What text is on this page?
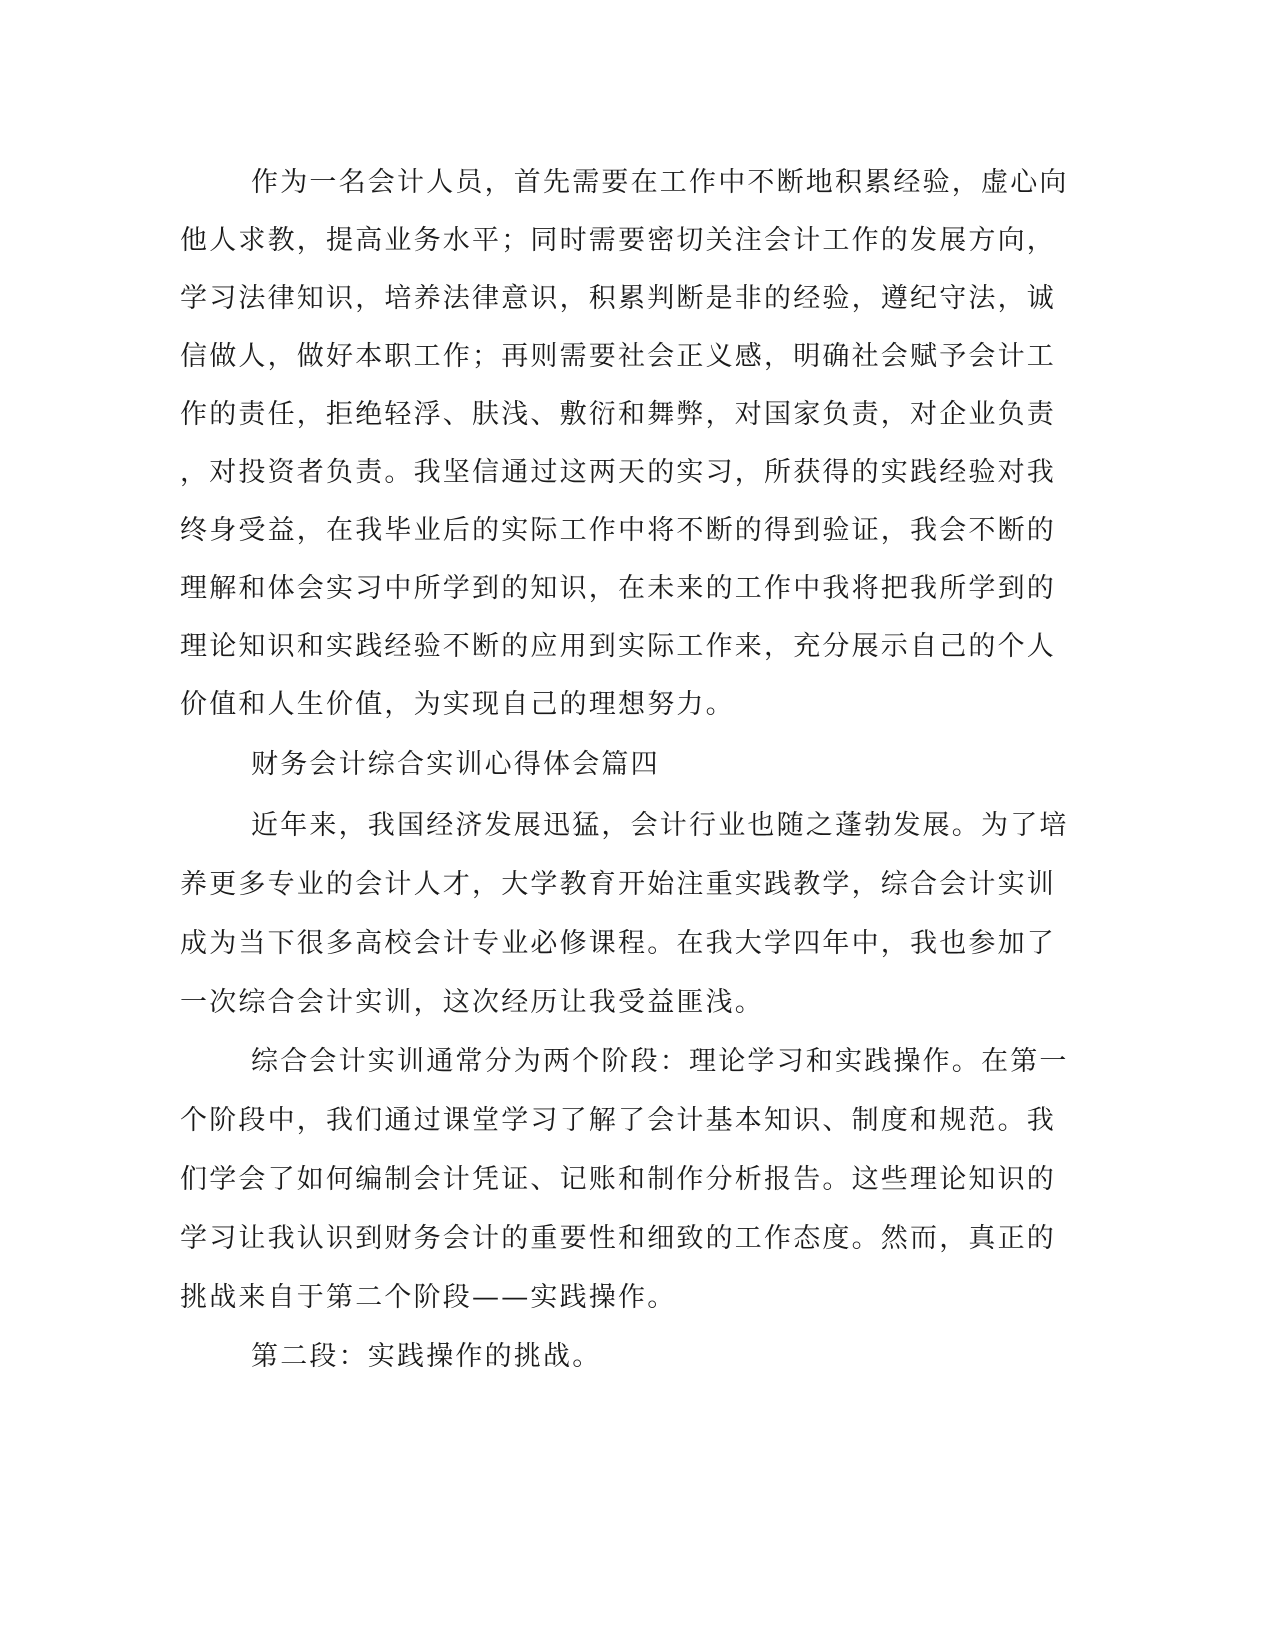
作为一名会计人员，首先需要在工作中不断地积累经验，虚心向
他人求教，提高业务水平；同时需要密切关注会计工作的发展方向，
学习法律知识，培养法律意识，积累判断是非的经验，遵纪守法，诚
信做人，做好本职工作；再则需要社会正义感，明确社会赋予会计工
作的责任，拒绝轻浮、肤浅、敷衍和舞弊，对国家负责，对企业负责
，对投资者负责。我坚信通过这两天的实习，所获得的实践经验对我
终身受益，在我毕业后的实际工作中将不断的得到验证，我会不断的
理解和体会实习中所学到的知识，在未来的工作中我将把我所学到的
理论知识和实践经验不断的应用到实际工作来，充分展示自己的个人
价值和人生价值，为实现自己的理想努力。
财务会计综合实训心得体会篇四
近年来，我国经济发展迅猛，会计行业也随之蓬勃发展。为了培
养更多专业的会计人才，大学教育开始注重实践教学，综合会计实训
成为当下很多高校会计专业必修课程。在我大学四年中，我也参加了
一次综合会计实训，这次经历让我受益匪浅。
综合会计实训通常分为两个阶段：理论学习和实践操作。在第一
个阶段中，我们通过课堂学习了解了会计基本知识、制度和规范。我
们学会了如何编制会计凭证、记账和制作分析报告。这些理论知识的
学习让我认识到财务会计的重要性和细致的工作态度。然而，真正的
挑战来自于第二个阶段——实践操作。
第二段：实践操作的挑战。
